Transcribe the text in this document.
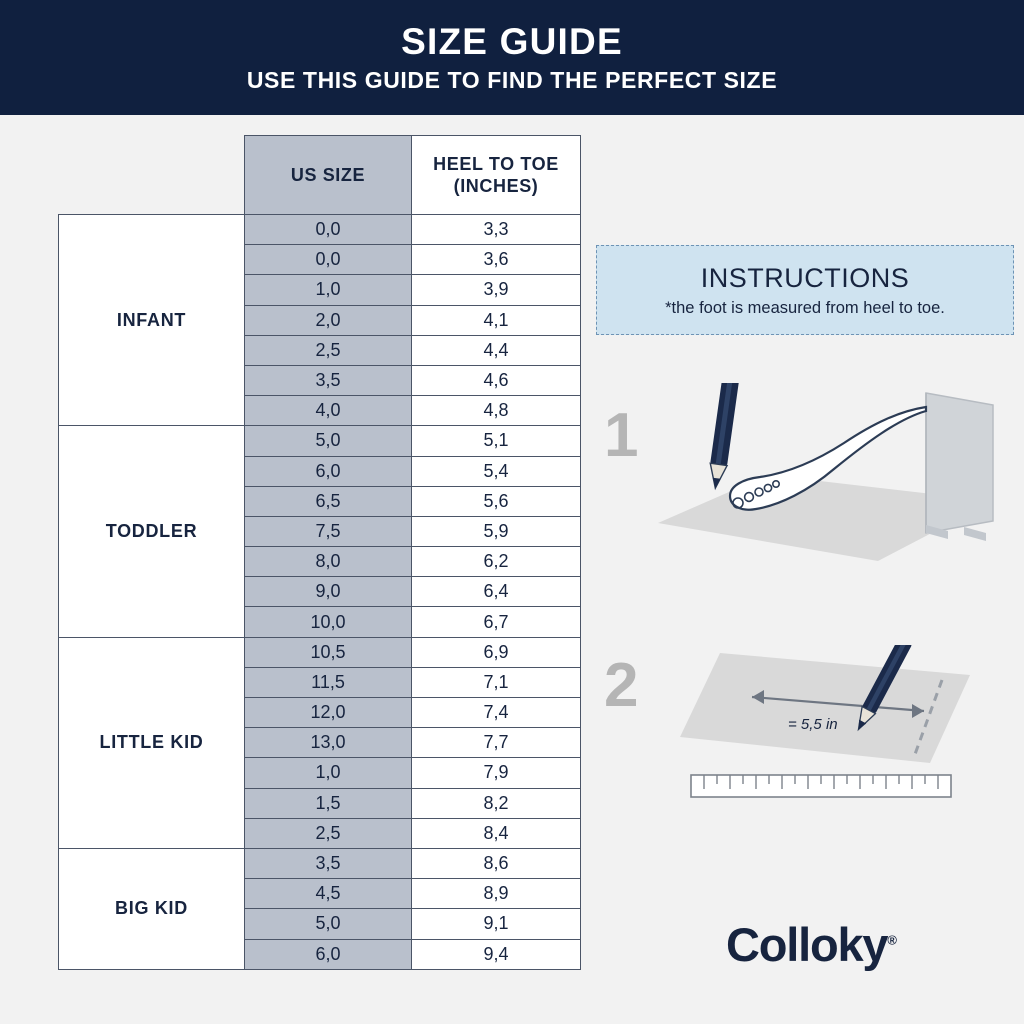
SIZE GUIDE
USE THIS GUIDE TO FIND THE PERFECT SIZE
	US SIZE	HEEL TO TOE
(INCHES)
INFANT	0,0	3,3
	0,0	3,6
	1,0	3,9
	2,0	4,1
	2,5	4,4
	3,5	4,6
	4,0	4,8
TODDLER	5,0	5,1
	6,0	5,4
	6,5	5,6
	7,5	5,9
	8,0	6,2
	9,0	6,4
	10,0	6,7
LITTLE KID	10,5	6,9
	11,5	7,1
	12,0	7,4
	13,0	7,7
	1,0	7,9
	1,5	8,2
	2,5	8,4
BIG KID	3,5	8,6
	4,5	8,9
	5,0	9,1
	6,0	9,4
INSTRUCTIONS
*the foot is measured from heel to toe.
1
2
= 5,5 in
Colloky®
